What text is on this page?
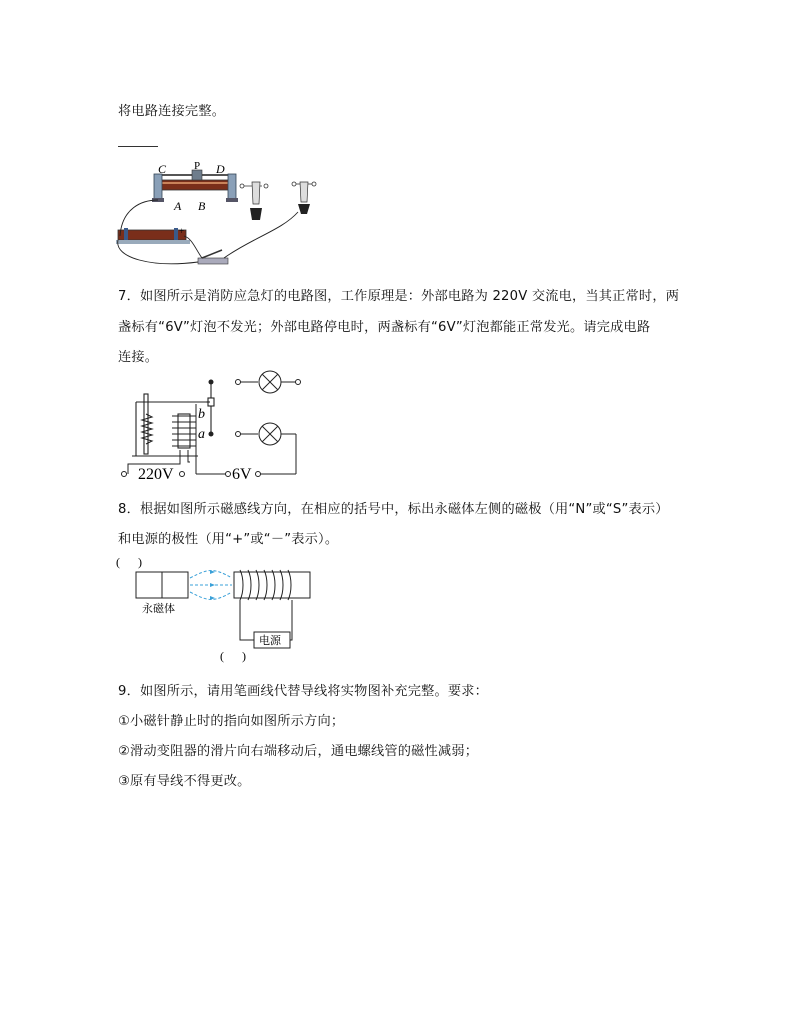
将电路连接完整。
C	P D
A B
+
7．如图所示是消防应急灯的电路图，工作原理是：外部电路为 220V 交流电，当其正常时，两
盏标有“6V”灯泡不发光；外部电路停电时，两盏标有“6V”灯泡都能正常发光。请完成电路
连接。
b
a
220V	6V
8．根据如图所示磁感线方向，在相应的括号中，标出永磁体左侧的磁极（用“N”或“S”表示）
和电源的极性（用“+”或“－”表示）。
(      )
永磁体
电源
(      )
9．如图所示，请用笔画线代替导线将实物图补充完整。要求：
①小磁针静止时的指向如图所示方向；
②滑动变阻器的滑片向右端移动后，通电螺线管的磁性减弱；
③原有导线不得更改。
